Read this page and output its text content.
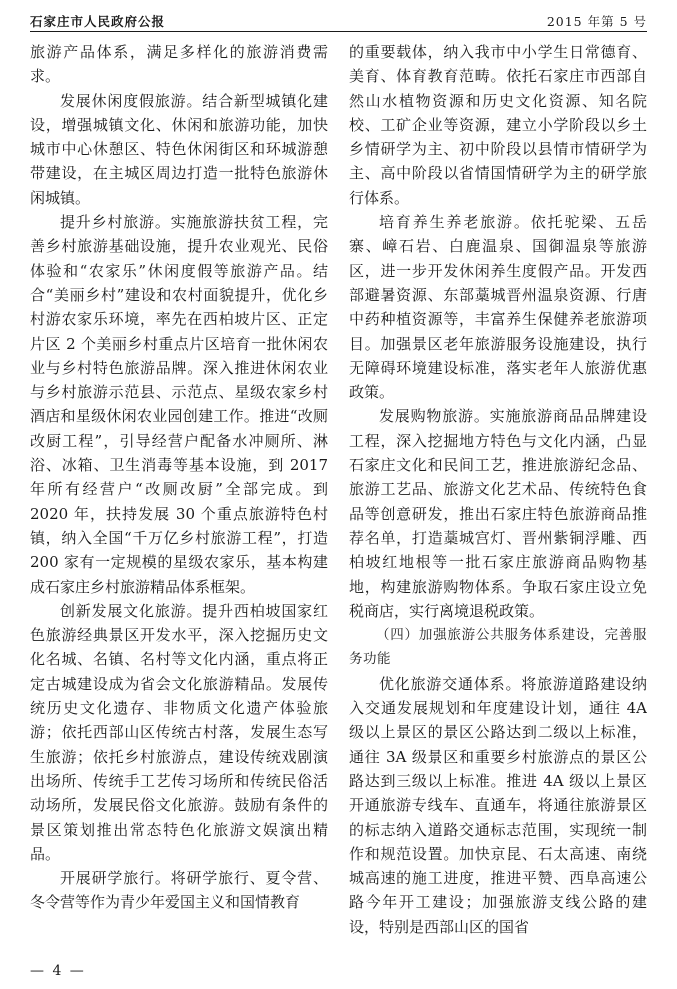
石家庄市人民政府公报	2015 年第 5 号

旅游产品体系，满足多样化的旅游消费需求。

发展休闲度假旅游。结合新型城镇化建设，增强城镇文化、休闲和旅游功能，加快城市中心休憩区、特色休闲街区和环城游憩带建设，在主城区周边打造一批特色旅游休闲城镇。

提升乡村旅游。实施旅游扶贫工程，完善乡村旅游基础设施，提升农业观光、民俗体验和“农家乐”休闲度假等旅游产品。结合“美丽乡村”建设和农村面貌提升，优化乡村游农家乐环境，率先在西柏坡片区、正定片区 2 个美丽乡村重点片区培育一批休闲农业与乡村特色旅游品牌。深入推进休闲农业与乡村旅游示范县、示范点、星级农家乡村酒店和星级休闲农业园创建工作。推进“改厕改厨工程”，引导经营户配备水冲厕所、淋浴、冰箱、卫生消毒等基本设施，到 2017 年所有经营户“改厕改厨”全部完成。到 2020 年，扶持发展 30 个重点旅游特色村镇，纳入全国“千万亿乡村旅游工程”，打造 200 家有一定规模的星级农家乐，基本构建成石家庄乡村旅游精品体系框架。

创新发展文化旅游。提升西柏坡国家红色旅游经典景区开发水平，深入挖掘历史文化名城、名镇、名村等文化内涵，重点将正定古城建设成为省会文化旅游精品。发展传统历史文化遗存、非物质文化遗产体验旅游；依托西部山区传统古村落，发展生态写生旅游；依托乡村旅游点，建设传统戏剧演出场所、传统手工艺传习场所和传统民俗活动场所，发展民俗文化旅游。鼓励有条件的景区策划推出常态特色化旅游文娱演出精品。

开展研学旅行。将研学旅行、夏令营、冬令营等作为青少年爱国主义和国情教育

的重要载体，纳入我市中小学生日常德育、美育、体育教育范畴。依托石家庄市西部自然山水植物资源和历史文化资源、知名院校、工矿企业等资源，建立小学阶段以乡土乡情研学为主、初中阶段以县情市情研学为主、高中阶段以省情国情研学为主的研学旅行体系。

培育养生养老旅游。依托驼梁、五岳寨、嶂石岩、白鹿温泉、国御温泉等旅游区，进一步开发休闲养生度假产品。开发西部避暑资源、东部藁城晋州温泉资源、行唐中药种植资源等，丰富养生保健养老旅游项目。加强景区老年旅游服务设施建设，执行无障碍环境建设标准，落实老年人旅游优惠政策。

发展购物旅游。实施旅游商品品牌建设工程，深入挖掘地方特色与文化内涵，凸显石家庄文化和民间工艺，推进旅游纪念品、旅游工艺品、旅游文化艺术品、传统特色食品等创意研发，推出石家庄特色旅游商品推荐名单，打造藁城宫灯、晋州紫铜浮雕、西柏坡红地根等一批石家庄旅游商品购物基地，构建旅游购物体系。争取石家庄设立免税商店，实行离境退税政策。

（四）加强旅游公共服务体系建设，完善服务功能

优化旅游交通体系。将旅游道路建设纳入交通发展规划和年度建设计划，通往 4A 级以上景区的景区公路达到二级以上标准，通往 3A 级景区和重要乡村旅游点的景区公路达到三级以上标准。推进 4A 级以上景区开通旅游专线车、直通车，将通往旅游景区的标志纳入道路交通标志范围，实现统一制作和规范设置。加快京昆、石太高速、南绕城高速的施工进度，推进平赞、西阜高速公路今年开工建设；加强旅游支线公路的建设，特别是西部山区的国省

— 4 —
